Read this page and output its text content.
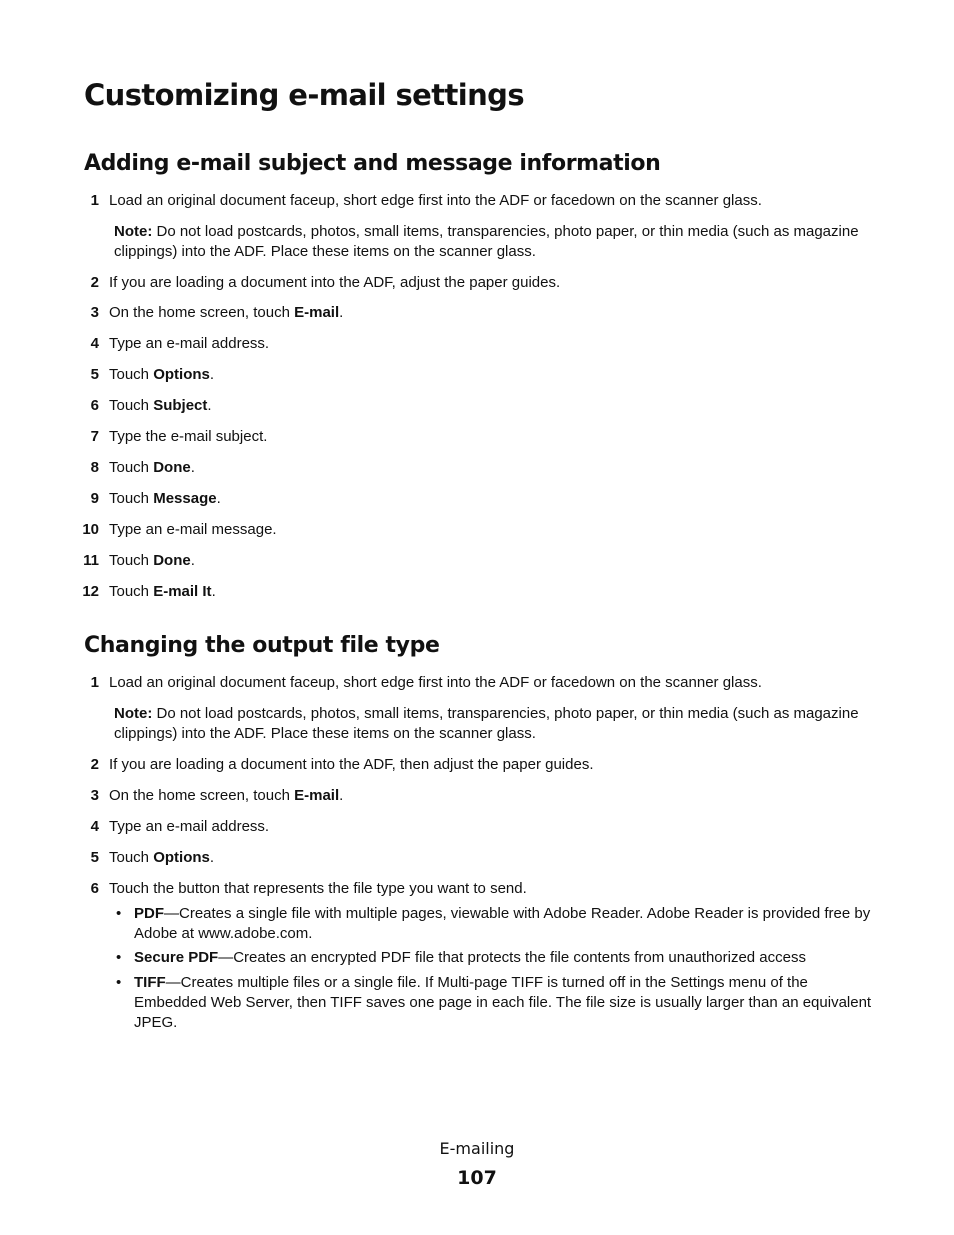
Customizing e-mail settings
Adding e-mail subject and message information
1 Load an original document faceup, short edge first into the ADF or facedown on the scanner glass.
Note: Do not load postcards, photos, small items, transparencies, photo paper, or thin media (such as magazine clippings) into the ADF. Place these items on the scanner glass.
2 If you are loading a document into the ADF, adjust the paper guides.
3 On the home screen, touch E-mail.
4 Type an e-mail address.
5 Touch Options.
6 Touch Subject.
7 Type the e-mail subject.
8 Touch Done.
9 Touch Message.
10 Type an e-mail message.
11 Touch Done.
12 Touch E-mail It.
Changing the output file type
1 Load an original document faceup, short edge first into the ADF or facedown on the scanner glass.
Note: Do not load postcards, photos, small items, transparencies, photo paper, or thin media (such as magazine clippings) into the ADF. Place these items on the scanner glass.
2 If you are loading a document into the ADF, then adjust the paper guides.
3 On the home screen, touch E-mail.
4 Type an e-mail address.
5 Touch Options.
6 Touch the button that represents the file type you want to send.
• PDF—Creates a single file with multiple pages, viewable with Adobe Reader. Adobe Reader is provided free by Adobe at www.adobe.com.
• Secure PDF—Creates an encrypted PDF file that protects the file contents from unauthorized access
• TIFF—Creates multiple files or a single file. If Multi-page TIFF is turned off in the Settings menu of the Embedded Web Server, then TIFF saves one page in each file. The file size is usually larger than an equivalent JPEG.
E-mailing
107
